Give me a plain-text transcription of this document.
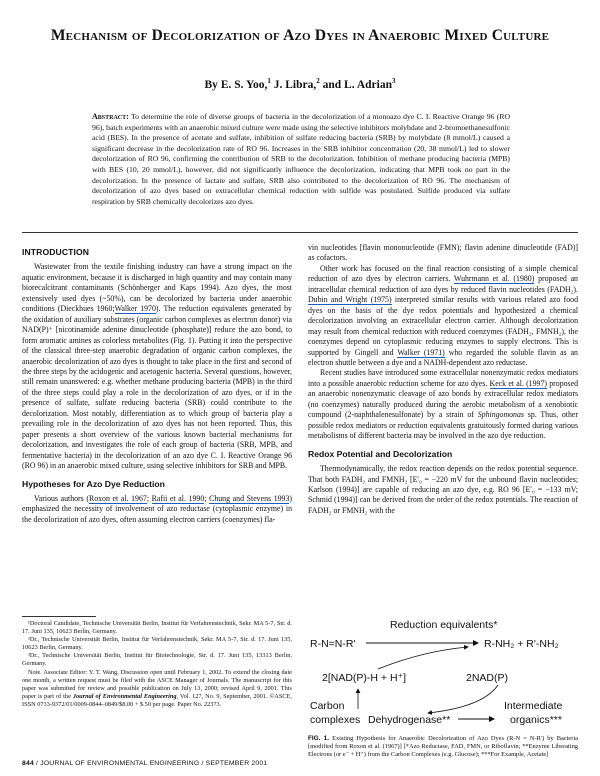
Mechanism of Decolorization of Azo Dyes in Anaerobic Mixed Culture
By E. S. Yoo,$^1$ J. Libra,$^2$ and L. Adrian$^3$
Abstract: To determine the role of diverse groups of bacteria in the decolorization of a monoazo dye C. I. Reactive Orange 96 (RO 96), batch experiments with an anaerobic mixed culture were made using the selective inhibitors molybdate and 2-bromoethanesulfonic acid (BES). In the presence of acetate and sulfate, inhibition of sulfate reducing bacteria (SRB) by molybdate (8 mmol/L) caused a significant decrease in the decolorization rate of RO 96. Increases in the SRB inhibitor concentration (20, 38 mmol/L) led to slower decolorization of RO 96, confirming the contribution of SRB to the decolorization. Inhibition of methane producing bacteria (MPB) with BES (10, 20 mmol/L), however, did not significantly influence the decolorization, indicating that MPB took no part in the decolorization. In the presence of lactate and sulfate, SRB also contributed to the decolorization of RO 96. The mechanism of decolorization of azo dyes based on extracellular chemical reduction with sulfide was postulated. Sulfide produced via sulfate respiration by SRB chemically decolorizes azo dyes.
INTRODUCTION

Wastewater from the textile finishing industry can have a strong impact on the aquatic environment, because it is discharged in high quantity and may contain many biorecalcitrant contaminants (Schönberger and Kaps 1994). Azo dyes, the most extensively used dyes (~50%), can be decolorized by bacteria under anaerobic conditions (Dieckhues 1960;Walker 1970). The reduction equivalents generated by the oxidation of auxiliary substrates (organic carbon complexes as electron donor) via NAD(P)⁺ [nicotinamide adenine dinucleotide (phosphate)] reduce the azo bond, to form aromatic amines as colorless metabolites (Fig. 1). Putting it into the perspective of the classical three-step anaerobic degradation of organic carbon complexes, the anaerobic decolorization of azo dyes is thought to take place in the first and second of the three steps by the acidogenic and acetogenic bacteria. Several questions, however, still remain unanswered: e.g. whether methane producing bacteria (MPB) in the third of the three steps could play a role in the decolorization of azo dyes, or if in the presence of sulfate, sulfate reducing bacteria (SRB) could contribute to the decolorization. Most notably, differentiation as to which group of bacteria play a prevailing role in the decolorization of azo dyes has not been reported. Thus, this paper presents a short overview of the various known bacterial mechanisms for decolorization, and investigates the role of each group of bacteria (SRB, MPB, and fermentative bacteria) in the decolorization of an azo dye C. I. Reactive Orange 96 (RO 96) in an anaerobic mixed culture, using selective inhibitors for SRB and MPB.

Hypotheses for Azo Dye Reduction

Various authors (Roxon et al. 1967; Rafii et al. 1990; Chung and Stevens 1993) emphasized the necessity of involvement of azo reductase (cytoplasmic enzyme) in the decolorization of azo dyes, often assuming electron carriers (coenzymes) fla-

¹Doctoral Candidate, Technische Universität Berlin, Institut für Verfahrenstechnik, Sekr. MA 5-7, Str. d. 17. Juni 135, 10623 Berlin, Germany.
²Dr., Technische Universität Berlin, Institut für Verfahrenstechnik, Sekr. MA 5-7, Str. d. 17. Juni 135, 10623 Berlin, Germany.
³Dr., Technische Universität Berlin, Institut für Biotechnologie, Str. d. 17. Juni 135, 13313 Berlin, Germany.
Note. Associate Editor: Y. T. Wang. Discussion open until February 1, 2002. To extend the closing date one month, a written request must be filed with the ASCE Manager of Journals. The manuscript for this paper was submitted for review and possible publication on July 13, 2000; revised April 9, 2001. This paper is part of the Journal of Environmental Engineering, Vol. 127, No. 9, September, 2001. ©ASCE, ISSN 0733-9372/01/0009-0844–0849/$8.00 + $.50 per page. Paper No. 22373.

vin nucleotides [flavin mononucleotide (FMN); flavin adenine dinucleotide (FAD)] as cofactors.

Other work has focused on the final reaction consisting of a simple chemical reduction of azo dyes by electron carriers. Wuhrmann et al. (1980) proposed an intracellular chemical reduction of azo dyes by reduced flavin nucleotides (FADH₂). Dubin and Wright (1975) interpreted similar results with various related azo food dyes on the basis of the dye redox potentials and hypothesized a chemical decolorization involving an extracellular electron carrier. Although decolorization may result from chemical reduction with reduced coenzymes (FADH₂, FMNH₂), the coenzymes depend on cytoplasmic reducing enzymes to supply electrons. This is supported by Gingell and Walker (1971) who regarded the soluble flavin as an electron shuttle between a dye and a NADH-dependent azo reductase.

Recent studies have introduced some extracellular nonenzymatic redox mediators into a possible anaerobic reduction scheme for azo dyes. Keck et al. (1997) proposed an anaerobic nonenzymatic cleavage of azo bonds by extracellular redox mediators (no coenzymes) naturally produced during the aerobic metabolism of a xenobiotic compound (2-naphthalenesulfonate) by a strain of Sphingomonas sp. Thus, other possible redox mediators or reduction equivalents gratuitously formed during various metabolisms of different bacteria may be involved in the azo dye reduction.

Redox Potential and Decolorization

Thermodynamically, the redox reaction depends on the redox potential sequence. That both FADH₂ and FMNH₂ [E′₀ = −220 mV for the unbound flavin nucleotides; Karlson (1994)] are capable of reducing an azo dye, e.g. RO 96 [E′₀ = −133 mV; Schmid (1994)] can be derived from the order of the redox potentials. The reaction of FADH₂ or FMNH₂ with the

Reduction equivalents*
R-N=N-R'	R-NH₂ + R'-NH₂
2[NAD(P)-H + H⁺]	2NAD(P)
Carbon
complexes Dehydrogenase**
Intermediate
organics***
FIG. 1. Existing Hypothesis for Anaerobic Decolorization of Azo Dyes (R-N = N-R') by Bacteria [modified from Roxon et al. (1967)] [*Azo Reductase, FAD, FMN, or Riboflavin; **Enzyme Liberating Electrons (or e⁻ + H⁺) from the Carbon Complexes (e.g. Glucose); ***For Example, Acetate]
844 / JOURNAL OF ENVIRONMENTAL ENGINEERING / SEPTEMBER 2001
